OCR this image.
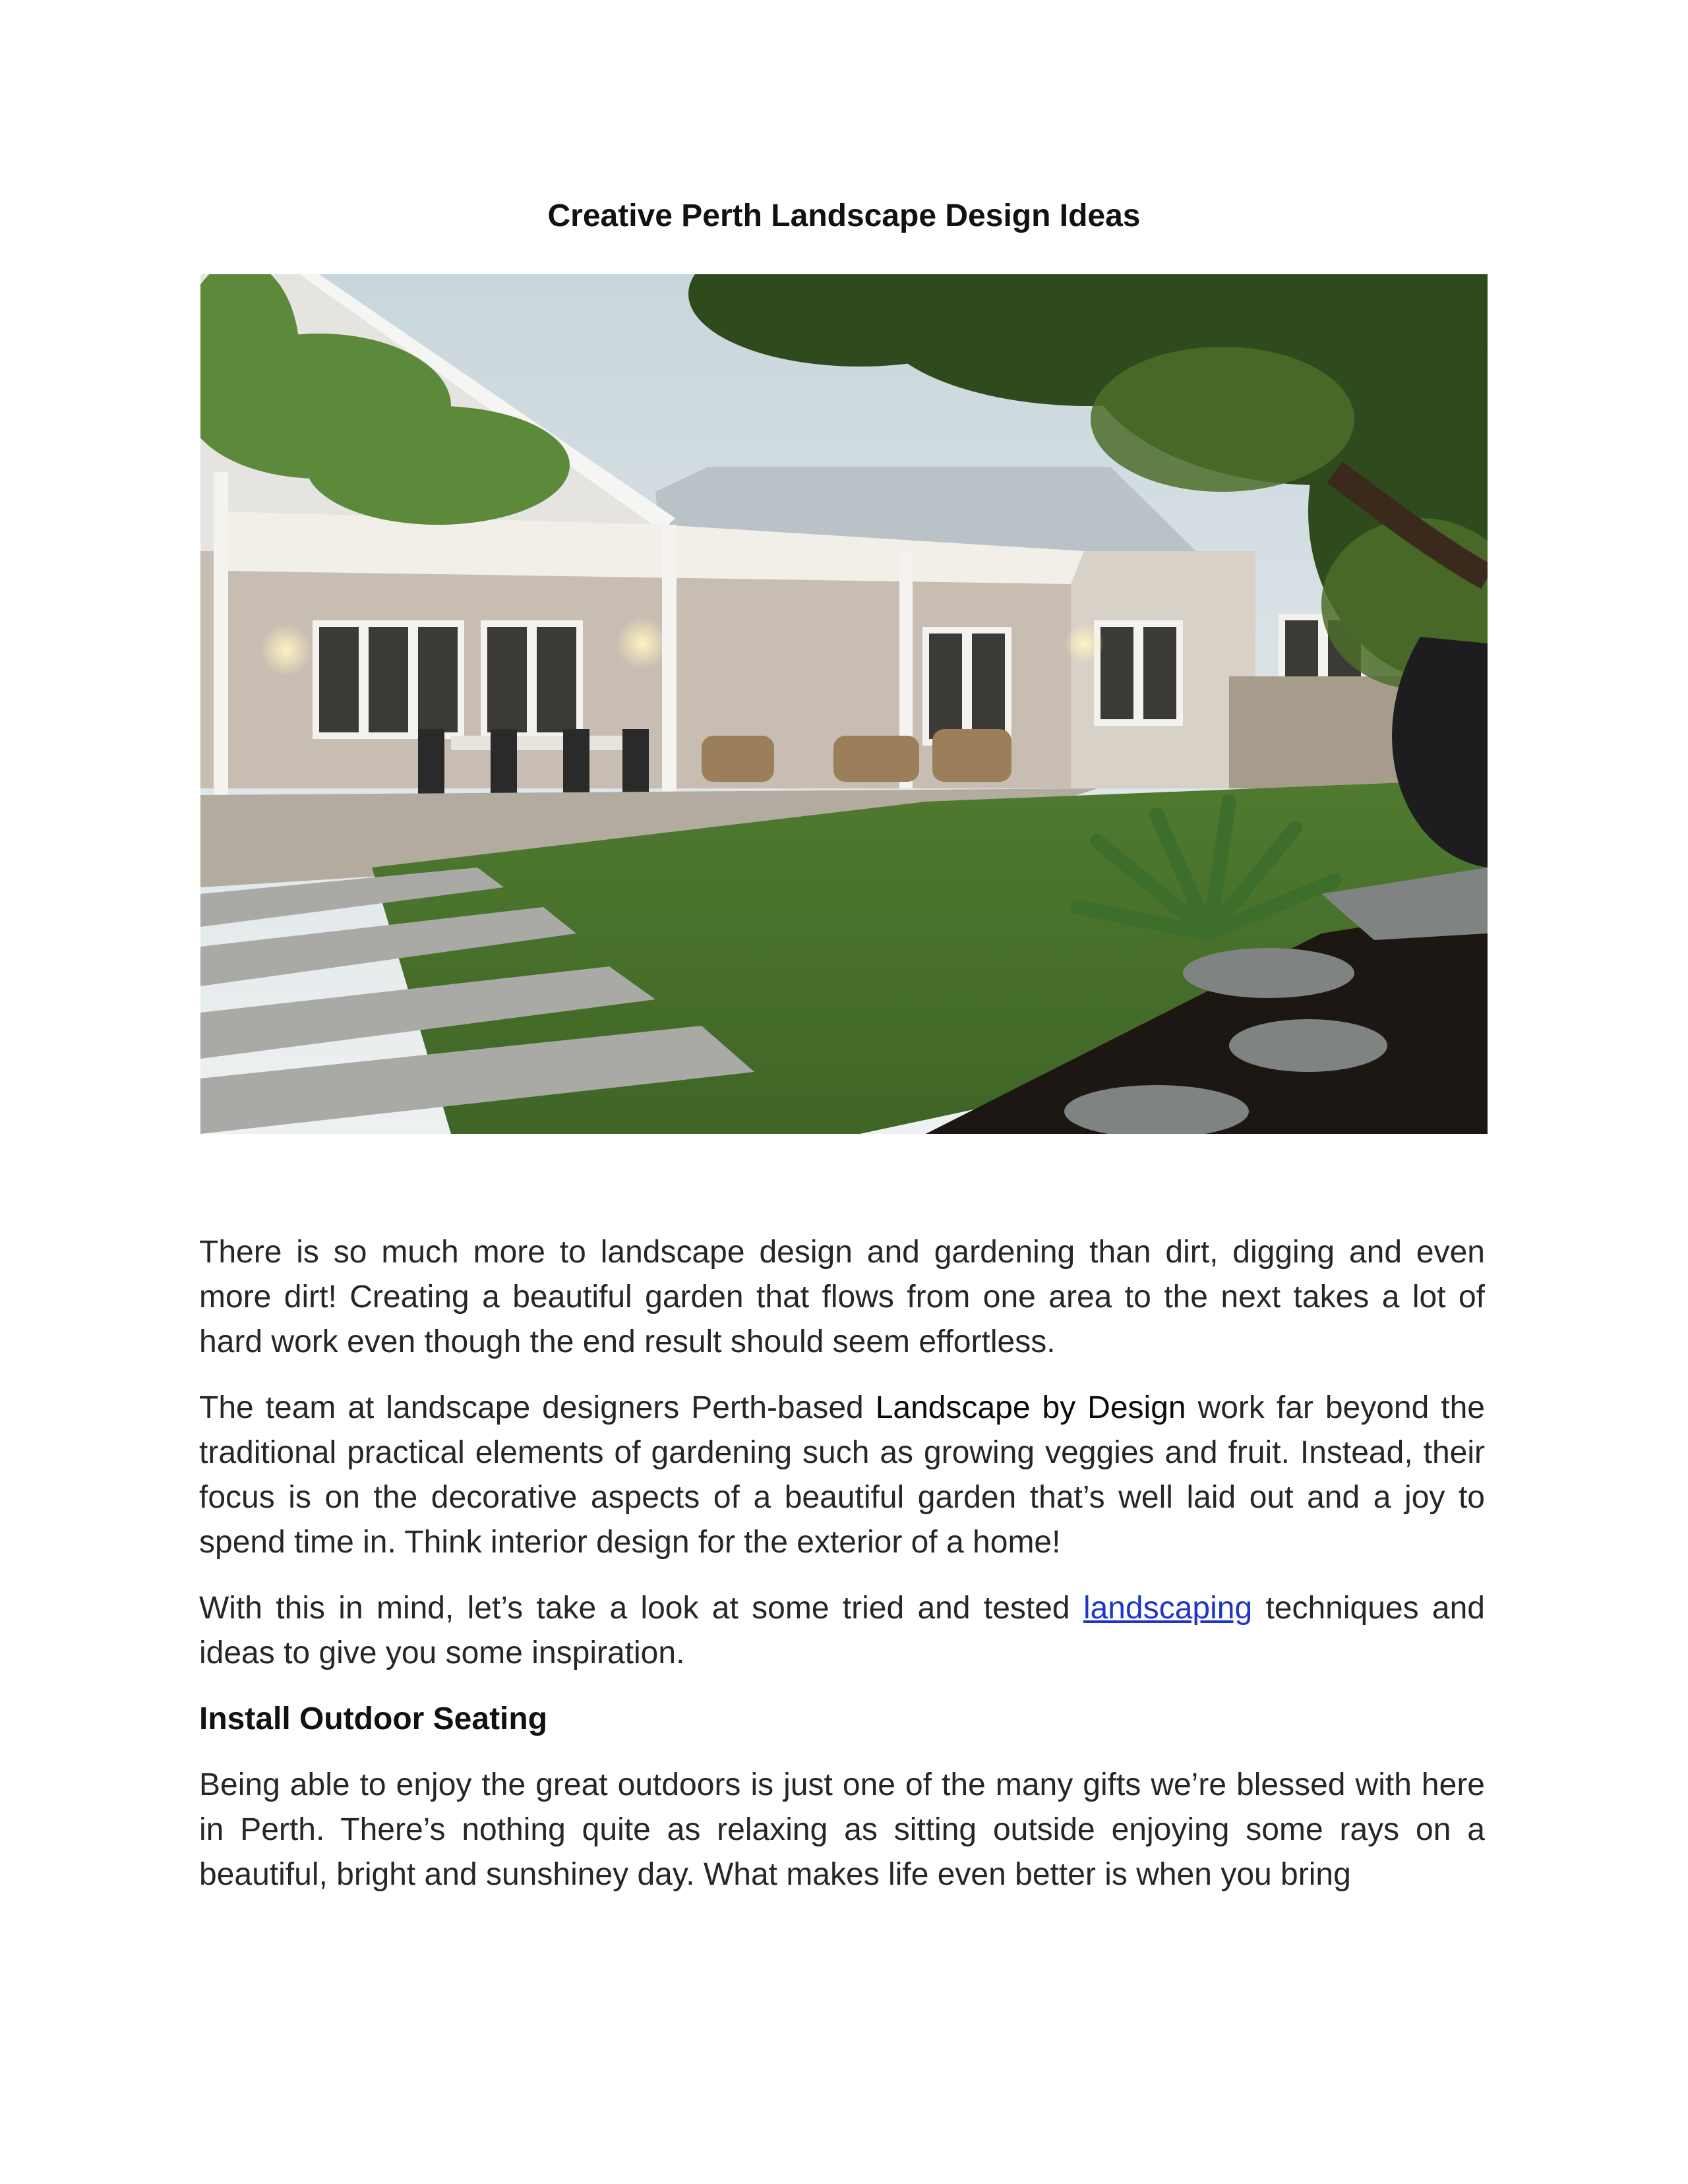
Creative Perth Landscape Design Ideas

There is so much more to landscape design and gardening than dirt, digging and even more dirt! Creating a beautiful garden that flows from one area to the next takes a lot of hard work even though the end result should seem effortless.

The team at landscape designers Perth-based Landscape by Design work far beyond the traditional practical elements of gardening such as growing veggies and fruit. Instead, their focus is on the decorative aspects of a beautiful garden that’s well laid out and a joy to spend time in. Think interior design for the exterior of a home!

With this in mind, let’s take a look at some tried and tested landscaping techniques and ideas to give you some inspiration.

Install Outdoor Seating

Being able to enjoy the great outdoors is just one of the many gifts we’re blessed with here in Perth. There’s nothing quite as relaxing as sitting outside enjoying some rays on a beautiful, bright and sunshiney day. What makes life even better is when you bring
